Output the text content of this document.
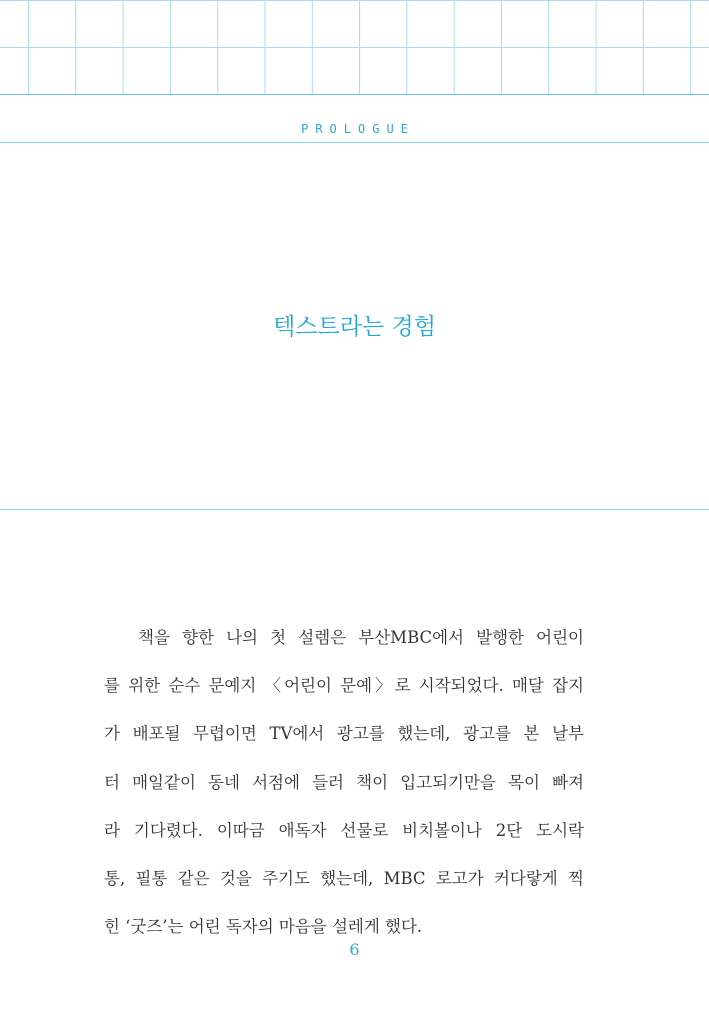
PROLOGUE
텍스트라는 경험
책을 향한 나의 첫 설렘은 부산MBC에서 발행한 어린이
를 위한 순수 문예지 〈어린이 문예〉로 시작되었다. 매달 잡지
가 배포될 무렵이면 TV에서 광고를 했는데, 광고를 본 날부
터 매일같이 동네 서점에 들러 책이 입고되기만을 목이 빠져
라 기다렸다. 이따금 애독자 선물로 비치볼이나 2단 도시락
통, 필통 같은 것을 주기도 했는데, MBC 로고가 커다랗게 찍
힌 ‘굿즈’는 어린 독자의 마음을 설레게 했다.
6
